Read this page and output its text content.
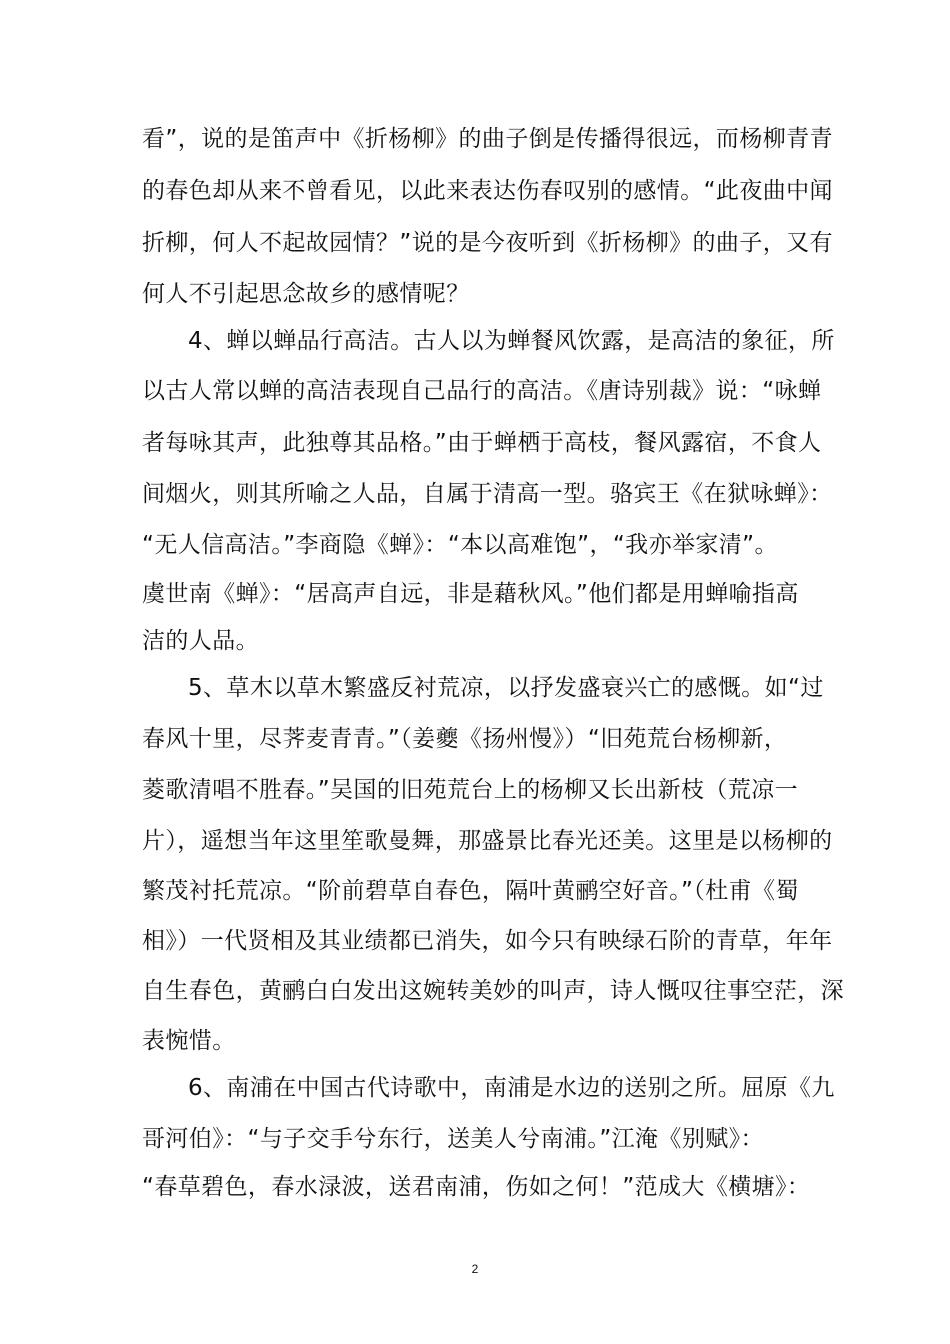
看”，说的是笛声中《折杨柳》的曲子倒是传播得很远，而杨柳青青
的春色却从来不曾看见，以此来表达伤春叹别的感情。“此夜曲中闻
折柳，何人不起故园情？”说的是今夜听到《折杨柳》的曲子，又有
何人不引起思念故乡的感情呢？
4、蝉以蝉品行高洁。古人以为蝉餐风饮露，是高洁的象征，所
以古人常以蝉的高洁表现自己品行的高洁。《唐诗别裁》说：“咏蝉
者每咏其声，此独尊其品格。”由于蝉栖于高枝，餐风露宿，不食人
间烟火，则其所喻之人品，自属于清高一型。骆宾王《在狱咏蝉》：
“无人信高洁。”李商隐《蝉》：“本以高难饱”，“我亦举家清”。
虞世南《蝉》：“居高声自远，非是藉秋风。”他们都是用蝉喻指高
洁的人品。
5、草木以草木繁盛反衬荒凉，以抒发盛衰兴亡的感慨。如“过
春风十里，尽荠麦青青。”（姜夔《扬州慢》）“旧苑荒台杨柳新，
菱歌清唱不胜春。”吴国的旧苑荒台上的杨柳又长出新枝（荒凉一
片），遥想当年这里笙歌曼舞，那盛景比春光还美。这里是以杨柳的
繁茂衬托荒凉。“阶前碧草自春色，隔叶黄鹂空好音。”（杜甫《蜀
相》）一代贤相及其业绩都已消失，如今只有映绿石阶的青草，年年
自生春色，黄鹂白白发出这婉转美妙的叫声，诗人慨叹往事空茫，深
表惋惜。
6、南浦在中国古代诗歌中，南浦是水边的送别之所。屈原《九
哥河伯》：“与子交手兮东行，送美人兮南浦。”江淹《别赋》：
“春草碧色，春水渌波，送君南浦，伤如之何！”范成大《横塘》：
2
